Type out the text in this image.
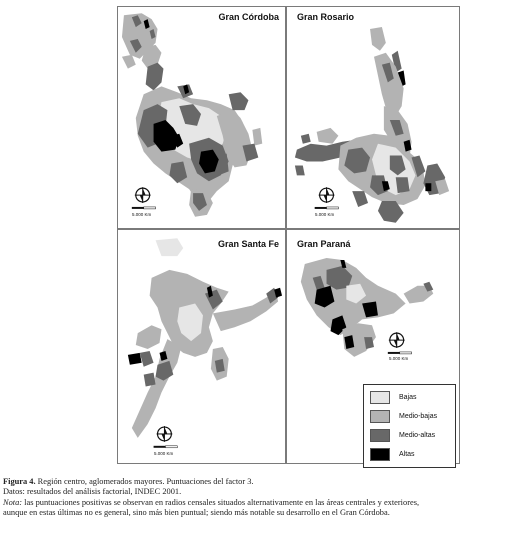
Gran Córdoba
5.000 Km
Gran Rosario
5.000 Km
Gran Santa Fe
5.000 Km
Gran Paraná
5.000 Km
Bajas
Medio-bajas
Medio-altas
Altas

Figura 4. Región centro, aglomerados mayores. Puntuaciones del factor 3.

Datos: resultados del análisis factorial, INDEC 2001.

Nota: las puntuaciones positivas se observan en radios censales situados alternativamente en las áreas centrales y exteriores,

aunque en estas últimas no es general, sino más bien puntual; siendo más notable su desarrollo en el Gran Córdoba.
